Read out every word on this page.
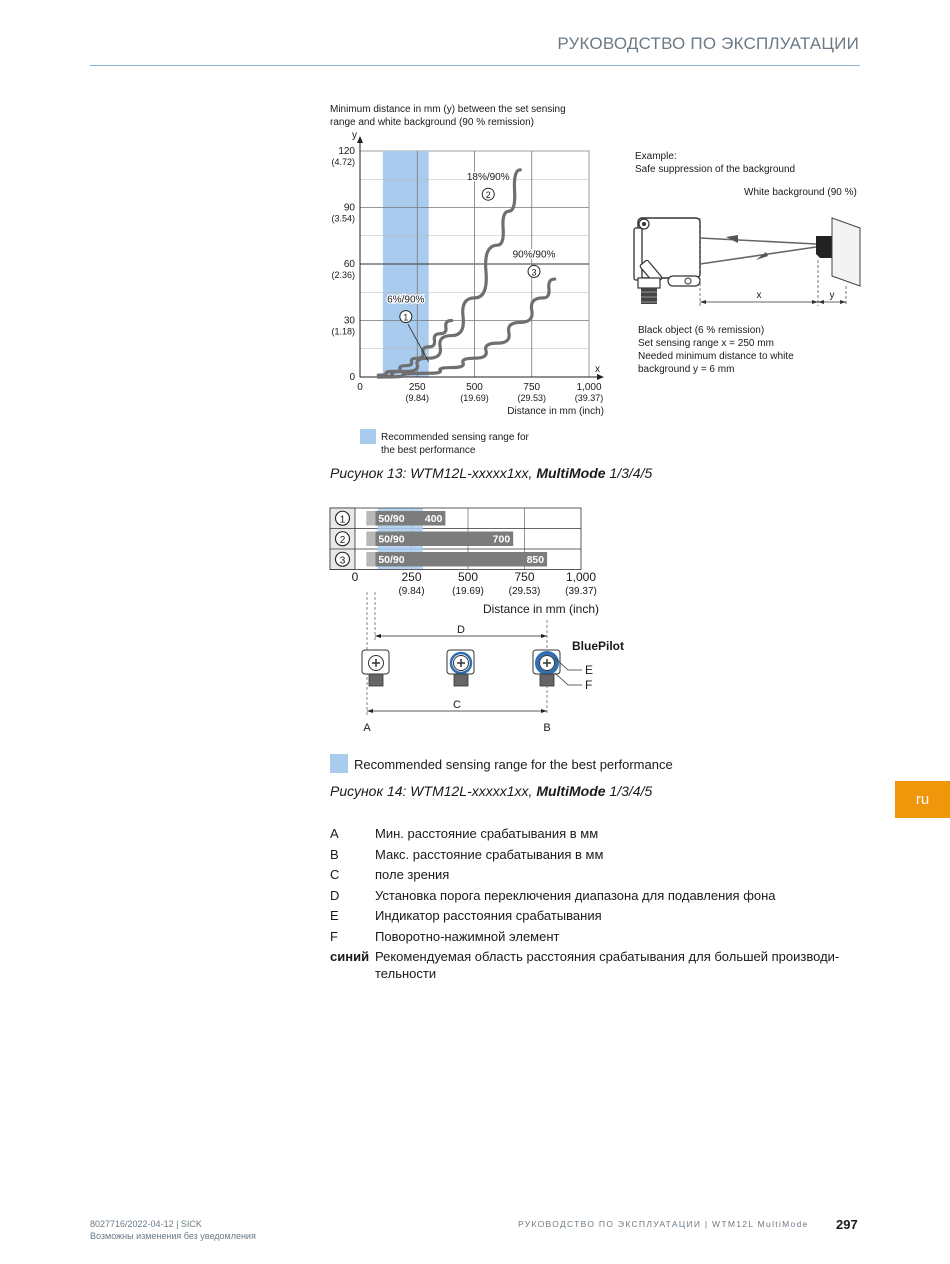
РУКОВОДСТВО ПО ЭКСПЛУАТАЦИИ
Minimum distance in mm (y) between the set sensing
range and white background (90 % remission)
y
x
120
(4.72)
90
(3.54)
60
(2.36)
30
(1.18)
0
0	250
(9.84)
500
(19.69)
750
(29.53)
1,000
(39.37)
Distance in mm (inch)
6%/90%
1
18%/90%
2
90%/90%
3
Recommended sensing range for
the best performance
Example:
Safe suppression of the background
White background (90 %)
x	y
Black object (6 % remission)
Set sensing range x = 250 mm
Needed minimum distance to white
background y = 6 mm
Рисунок 13: WTM12L-xxxxx1xx, MultiMode 1/3/4/5
1	50/90 400
2	50/90	700
3	50/90	850
0	250
(9.84)
500
(19.69)
750
(29.53)
1,000
(39.37)
Distance in mm (inch)
D
BluePilot
E
F
C
A	B
Recommended sensing range for the best performance
Рисунок 14: WTM12L-xxxxx1xx, MultiMode 1/3/4/5	ru
A	Мин. расстояние срабатывания в мм
B	Макс. расстояние срабатывания в мм
C	поле зрения
D	Установка порога переключения диапазона для подавления фона
E	Индикатор расстояния срабатывания
F	Поворотно-нажимной элемент
синий Рекомендуемая область расстояния срабатывания для большей производи-тельности
8027716/2022-04-12 | SICK
Возможны изменения без уведомления
РУКОВОДСТВО ПО ЭКСПЛУАТАЦИИ | WTM12L MultiMode 297
